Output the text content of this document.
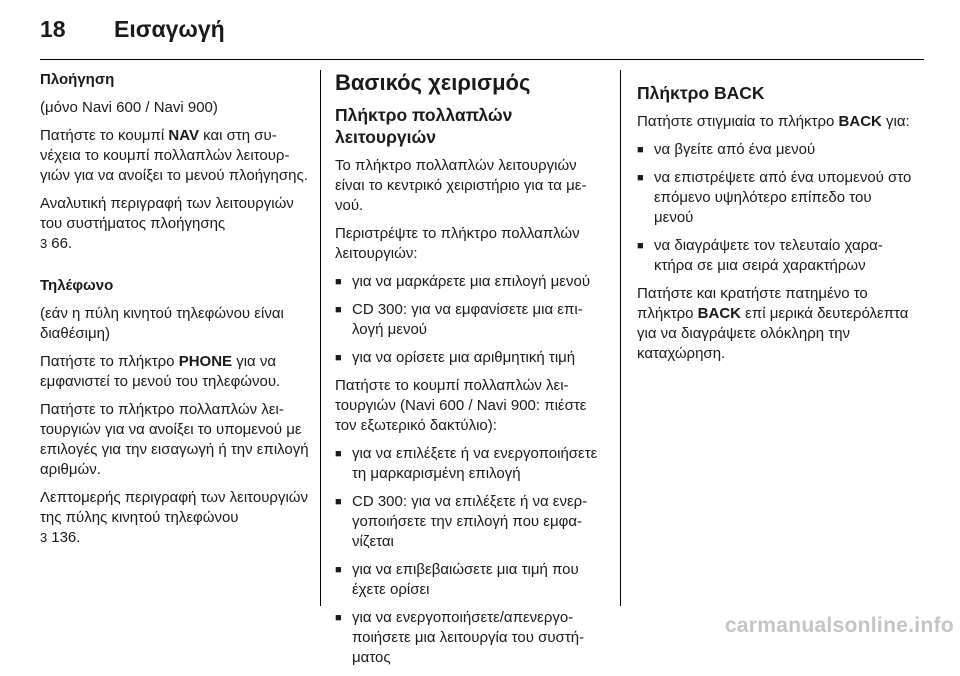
18 Εισαγωγή

Πλοήγηση

(μόνο Navi 600 / Navi 900)

Πατήστε το κουμπί NAV και στη συνέχεια το κουμπί πολλαπλών λειτουργιών για να ανοίξει το μενού πλοήγησης.

Αναλυτική περιγραφή των λειτουργιών του συστήματος πλοήγησης
3 66.

Τηλέφωνο

(εάν η πύλη κινητού τηλεφώνου είναι διαθέσιμη)

Πατήστε το πλήκτρο PHONE για να εμφανιστεί το μενού του τηλεφώνου.

Πατήστε το πλήκτρο πολλαπλών λειτουργιών για να ανοίξει το υπομενού με επιλογές για την εισαγωγή ή την επιλογή αριθμών.

Λεπτομερής περιγραφή των λειτουργιών της πύλης κινητού τηλεφώνου
3 136.

Βασικός χειρισμός

Πλήκτρο πολλαπλών λειτουργιών

Το πλήκτρο πολλαπλών λειτουργιών είναι το κεντρικό χειριστήριο για τα μενού.

Περιστρέψτε το πλήκτρο πολλαπλών λειτουργιών:

■ για να μαρκάρετε μια επιλογή μενού
■ CD 300: για να εμφανίσετε μια επιλογή μενού
■ για να ορίσετε μια αριθμητική τιμή

Πατήστε το κουμπί πολλαπλών λειτουργιών (Navi 600 / Navi 900: πιέστε τον εξωτερικό δακτύλιο):

■ για να επιλέξετε ή να ενεργοποιήσετε τη μαρκαρισμένη επιλογή
■ CD 300: για να επιλέξετε ή να ενεργοποιήσετε την επιλογή που εμφανίζεται
■ για να επιβεβαιώσετε μια τιμή που έχετε ορίσει
■ για να ενεργοποιήσετε/απενεργοποιήσετε μια λειτουργία του συστήματος

Πλήκτρο BACK

Πατήστε στιγμιαία το πλήκτρο BACK για:

■ να βγείτε από ένα μενού
■ να επιστρέψετε από ένα υπομενού στο επόμενο υψηλότερο επίπεδο του μενού
■ να διαγράψετε τον τελευταίο χαρακτήρα σε μια σειρά χαρακτήρων

Πατήστε και κρατήστε πατημένο το πλήκτρο BACK επί μερικά δευτερόλεπτα για να διαγράψετε ολόκληρη την καταχώρηση.

carmanualsonline.info
